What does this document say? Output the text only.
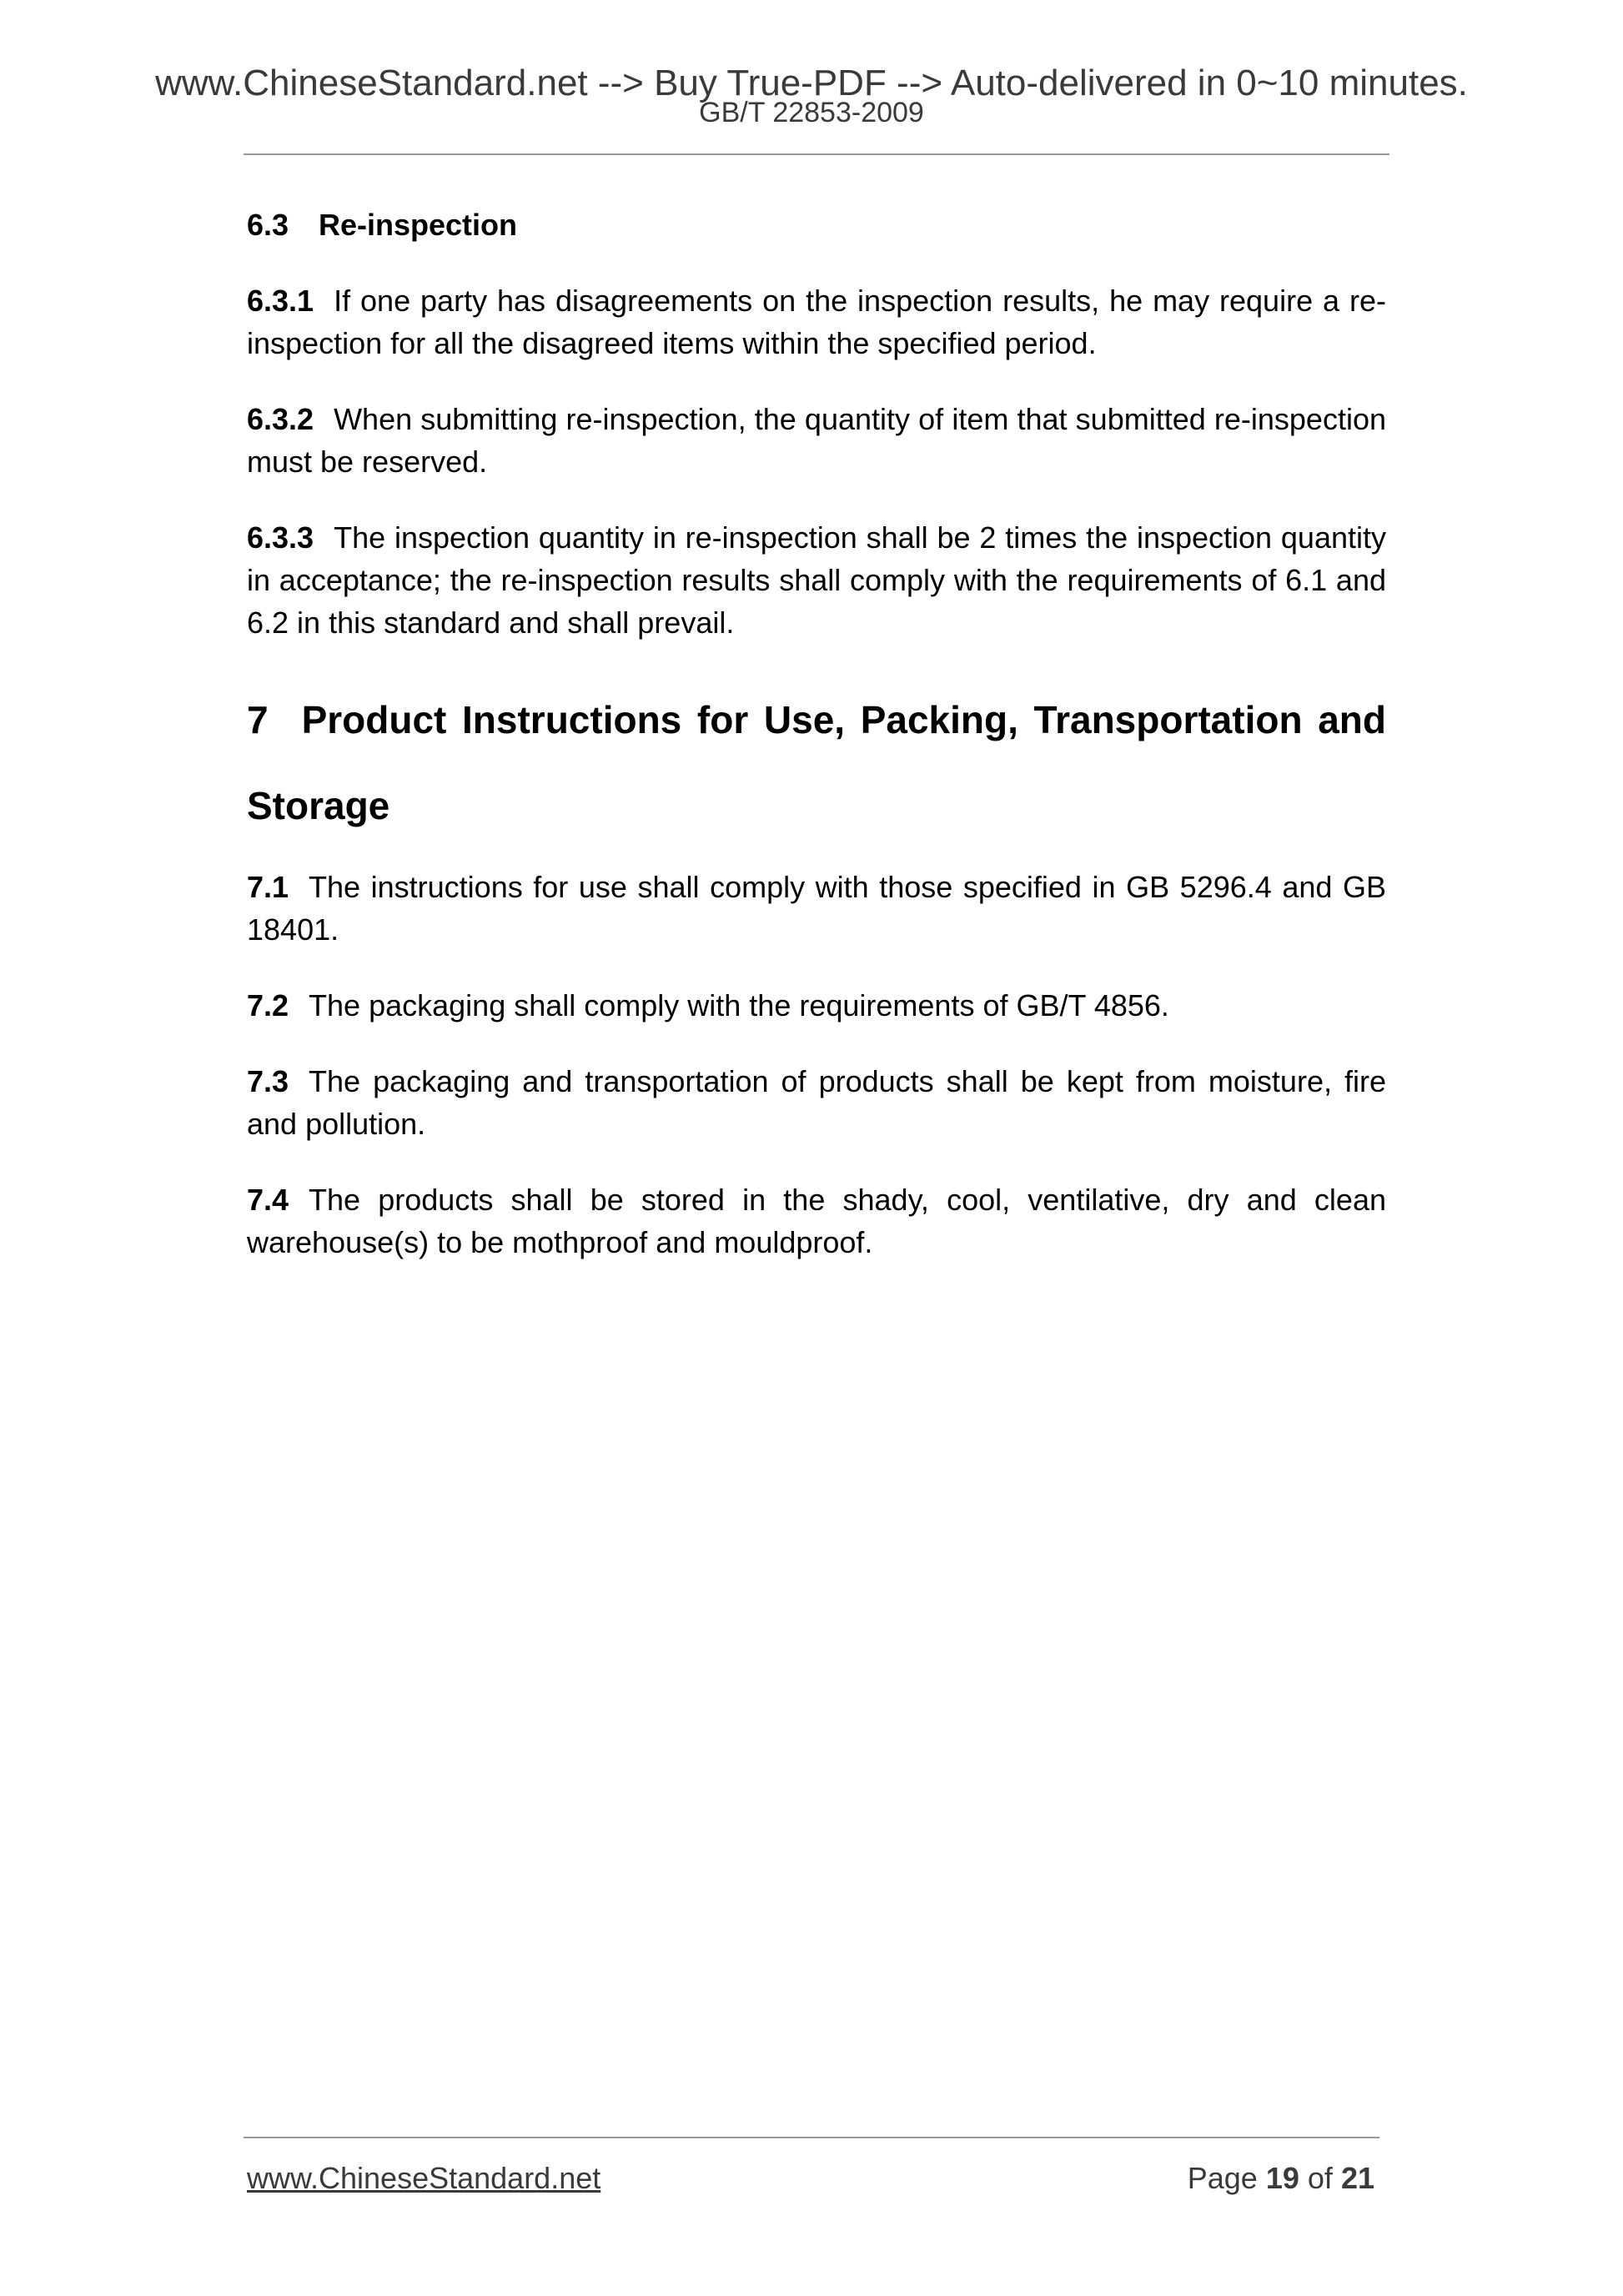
www.ChineseStandard.net --> Buy True-PDF --> Auto-delivered in 0~10 minutes.
GB/T 22853-2009
6.3 Re-inspection

6.3.1 If one party has disagreements on the inspection results, he may require a re-inspection for all the disagreed items within the specified period.

6.3.2 When submitting re-inspection, the quantity of item that submitted re-inspection must be reserved.

6.3.3 The inspection quantity in re-inspection shall be 2 times the inspection quantity in acceptance; the re-inspection results shall comply with the requirements of 6.1 and 6.2 in this standard and shall prevail.

7 Product Instructions for Use, Packing, Transportation and Storage

7.1 The instructions for use shall comply with those specified in GB 5296.4 and GB 18401.

7.2 The packaging shall comply with the requirements of GB/T 4856.

7.3 The packaging and transportation of products shall be kept from moisture, fire and pollution.

7.4 The products shall be stored in the shady, cool, ventilative, dry and clean warehouse(s) to be mothproof and mouldproof.

www.ChineseStandard.net	Page 19 of 21
